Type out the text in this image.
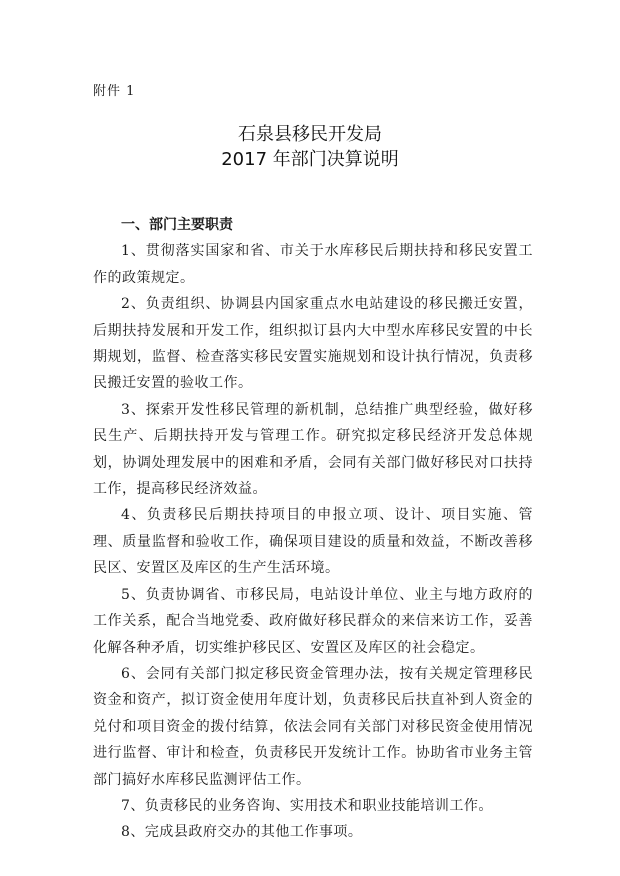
附件 1
石泉县移民开发局
2017 年部门决算说明
一、部门主要职责

1、贯彻落实国家和省、市关于水库移民后期扶持和移民安置工作的政策规定。

2、负责组织、协调县内国家重点水电站建设的移民搬迁安置，后期扶持发展和开发工作，组织拟订县内大中型水库移民安置的中长期规划，监督、检查落实移民安置实施规划和设计执行情况，负责移民搬迁安置的验收工作。

3、探索开发性移民管理的新机制，总结推广典型经验，做好移民生产、后期扶持开发与管理工作。研究拟定移民经济开发总体规划，协调处理发展中的困难和矛盾，会同有关部门做好移民对口扶持工作，提高移民经济效益。

4、负责移民后期扶持项目的申报立项、设计、项目实施、管理、质量监督和验收工作，确保项目建设的质量和效益，不断改善移民区、安置区及库区的生产生活环境。

5、负责协调省、市移民局，电站设计单位、业主与地方政府的工作关系，配合当地党委、政府做好移民群众的来信来访工作，妥善化解各种矛盾，切实维护移民区、安置区及库区的社会稳定。

6、会同有关部门拟定移民资金管理办法，按有关规定管理移民资金和资产，拟订资金使用年度计划，负责移民后扶直补到人资金的兑付和项目资金的拨付结算，依法会同有关部门对移民资金使用情况进行监督、审计和检查，负责移民开发统计工作。协助省市业务主管部门搞好水库移民监测评估工作。

7、负责移民的业务咨询、实用技术和职业技能培训工作。

8、完成县政府交办的其他工作事项。
